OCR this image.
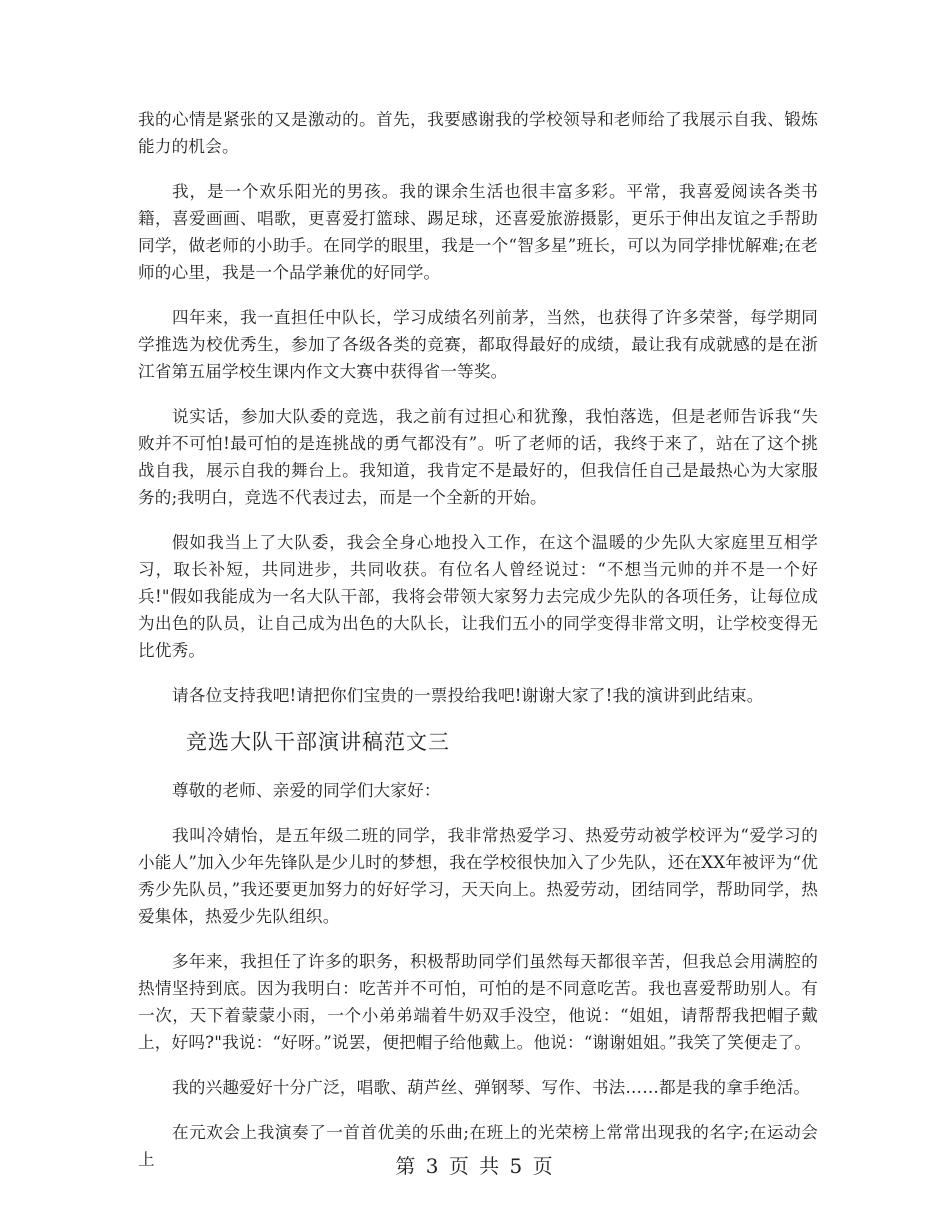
我的心情是紧张的又是激动的。首先，我要感谢我的学校领导和老师给了我展示自我、锻炼能力的机会。

我，是一个欢乐阳光的男孩。我的课余生活也很丰富多彩。平常，我喜爱阅读各类书籍，喜爱画画、唱歌，更喜爱打篮球、踢足球，还喜爱旅游摄影，更乐于伸出友谊之手帮助同学，做老师的小助手。在同学的眼里，我是一个“智多星”班长，可以为同学排忧解难;在老师的心里，我是一个品学兼优的好同学。

四年来，我一直担任中队长，学习成绩名列前茅，当然，也获得了许多荣誉，每学期同学推选为校优秀生，参加了各级各类的竞赛，都取得最好的成绩，最让我有成就感的是在浙江省第五届学校生课内作文大赛中获得省一等奖。

说实话，参加大队委的竞选，我之前有过担心和犹豫，我怕落选，但是老师告诉我“失败并不可怕!最可怕的是连挑战的勇气都没有”。听了老师的话，我终于来了，站在了这个挑战自我，展示自我的舞台上。我知道，我肯定不是最好的，但我信任自己是最热心为大家服务的;我明白，竞选不代表过去，而是一个全新的开始。

假如我当上了大队委，我会全身心地投入工作，在这个温暖的少先队大家庭里互相学习，取长补短，共同进步，共同收获。有位名人曾经说过：“不想当元帅的并不是一个好兵!"假如我能成为一名大队干部，我将会带领大家努力去完成少先队的各项任务，让每位成为出色的队员，让自己成为出色的大队长，让我们五小的同学变得非常文明，让学校变得无比优秀。

请各位支持我吧!请把你们宝贵的一票投给我吧!谢谢大家了!我的演讲到此结束。

竞选大队干部演讲稿范文三

尊敬的老师、亲爱的同学们大家好：

我叫冷婧怡，是五年级二班的同学，我非常热爱学习、热爱劳动被学校评为“爱学习的小能人”加入少年先锋队是少儿时的梦想，我在学校很快加入了少先队，还在XX年被评为“优秀少先队员，”我还要更加努力的好好学习，天天向上。热爱劳动，团结同学，帮助同学，热爱集体，热爱少先队组织。

多年来，我担任了许多的职务，积极帮助同学们虽然每天都很辛苦，但我总会用满腔的热情坚持到底。因为我明白：吃苦并不可怕，可怕的是不同意吃苦。我也喜爱帮助别人。有一次，天下着蒙蒙小雨，一个小弟弟端着牛奶双手没空，他说：“姐姐，请帮帮我把帽子戴上，好吗?"我说：“好呀。”说罢，便把帽子给他戴上。他说：“谢谢姐姐。”我笑了笑便走了。

我的兴趣爱好十分广泛，唱歌、葫芦丝、弹钢琴、写作、书法……都是我的拿手绝活。

在元欢会上我演奏了一首首优美的乐曲;在班上的光荣榜上常常出现我的名字;在运动会上	第 3 页 共 5 页
